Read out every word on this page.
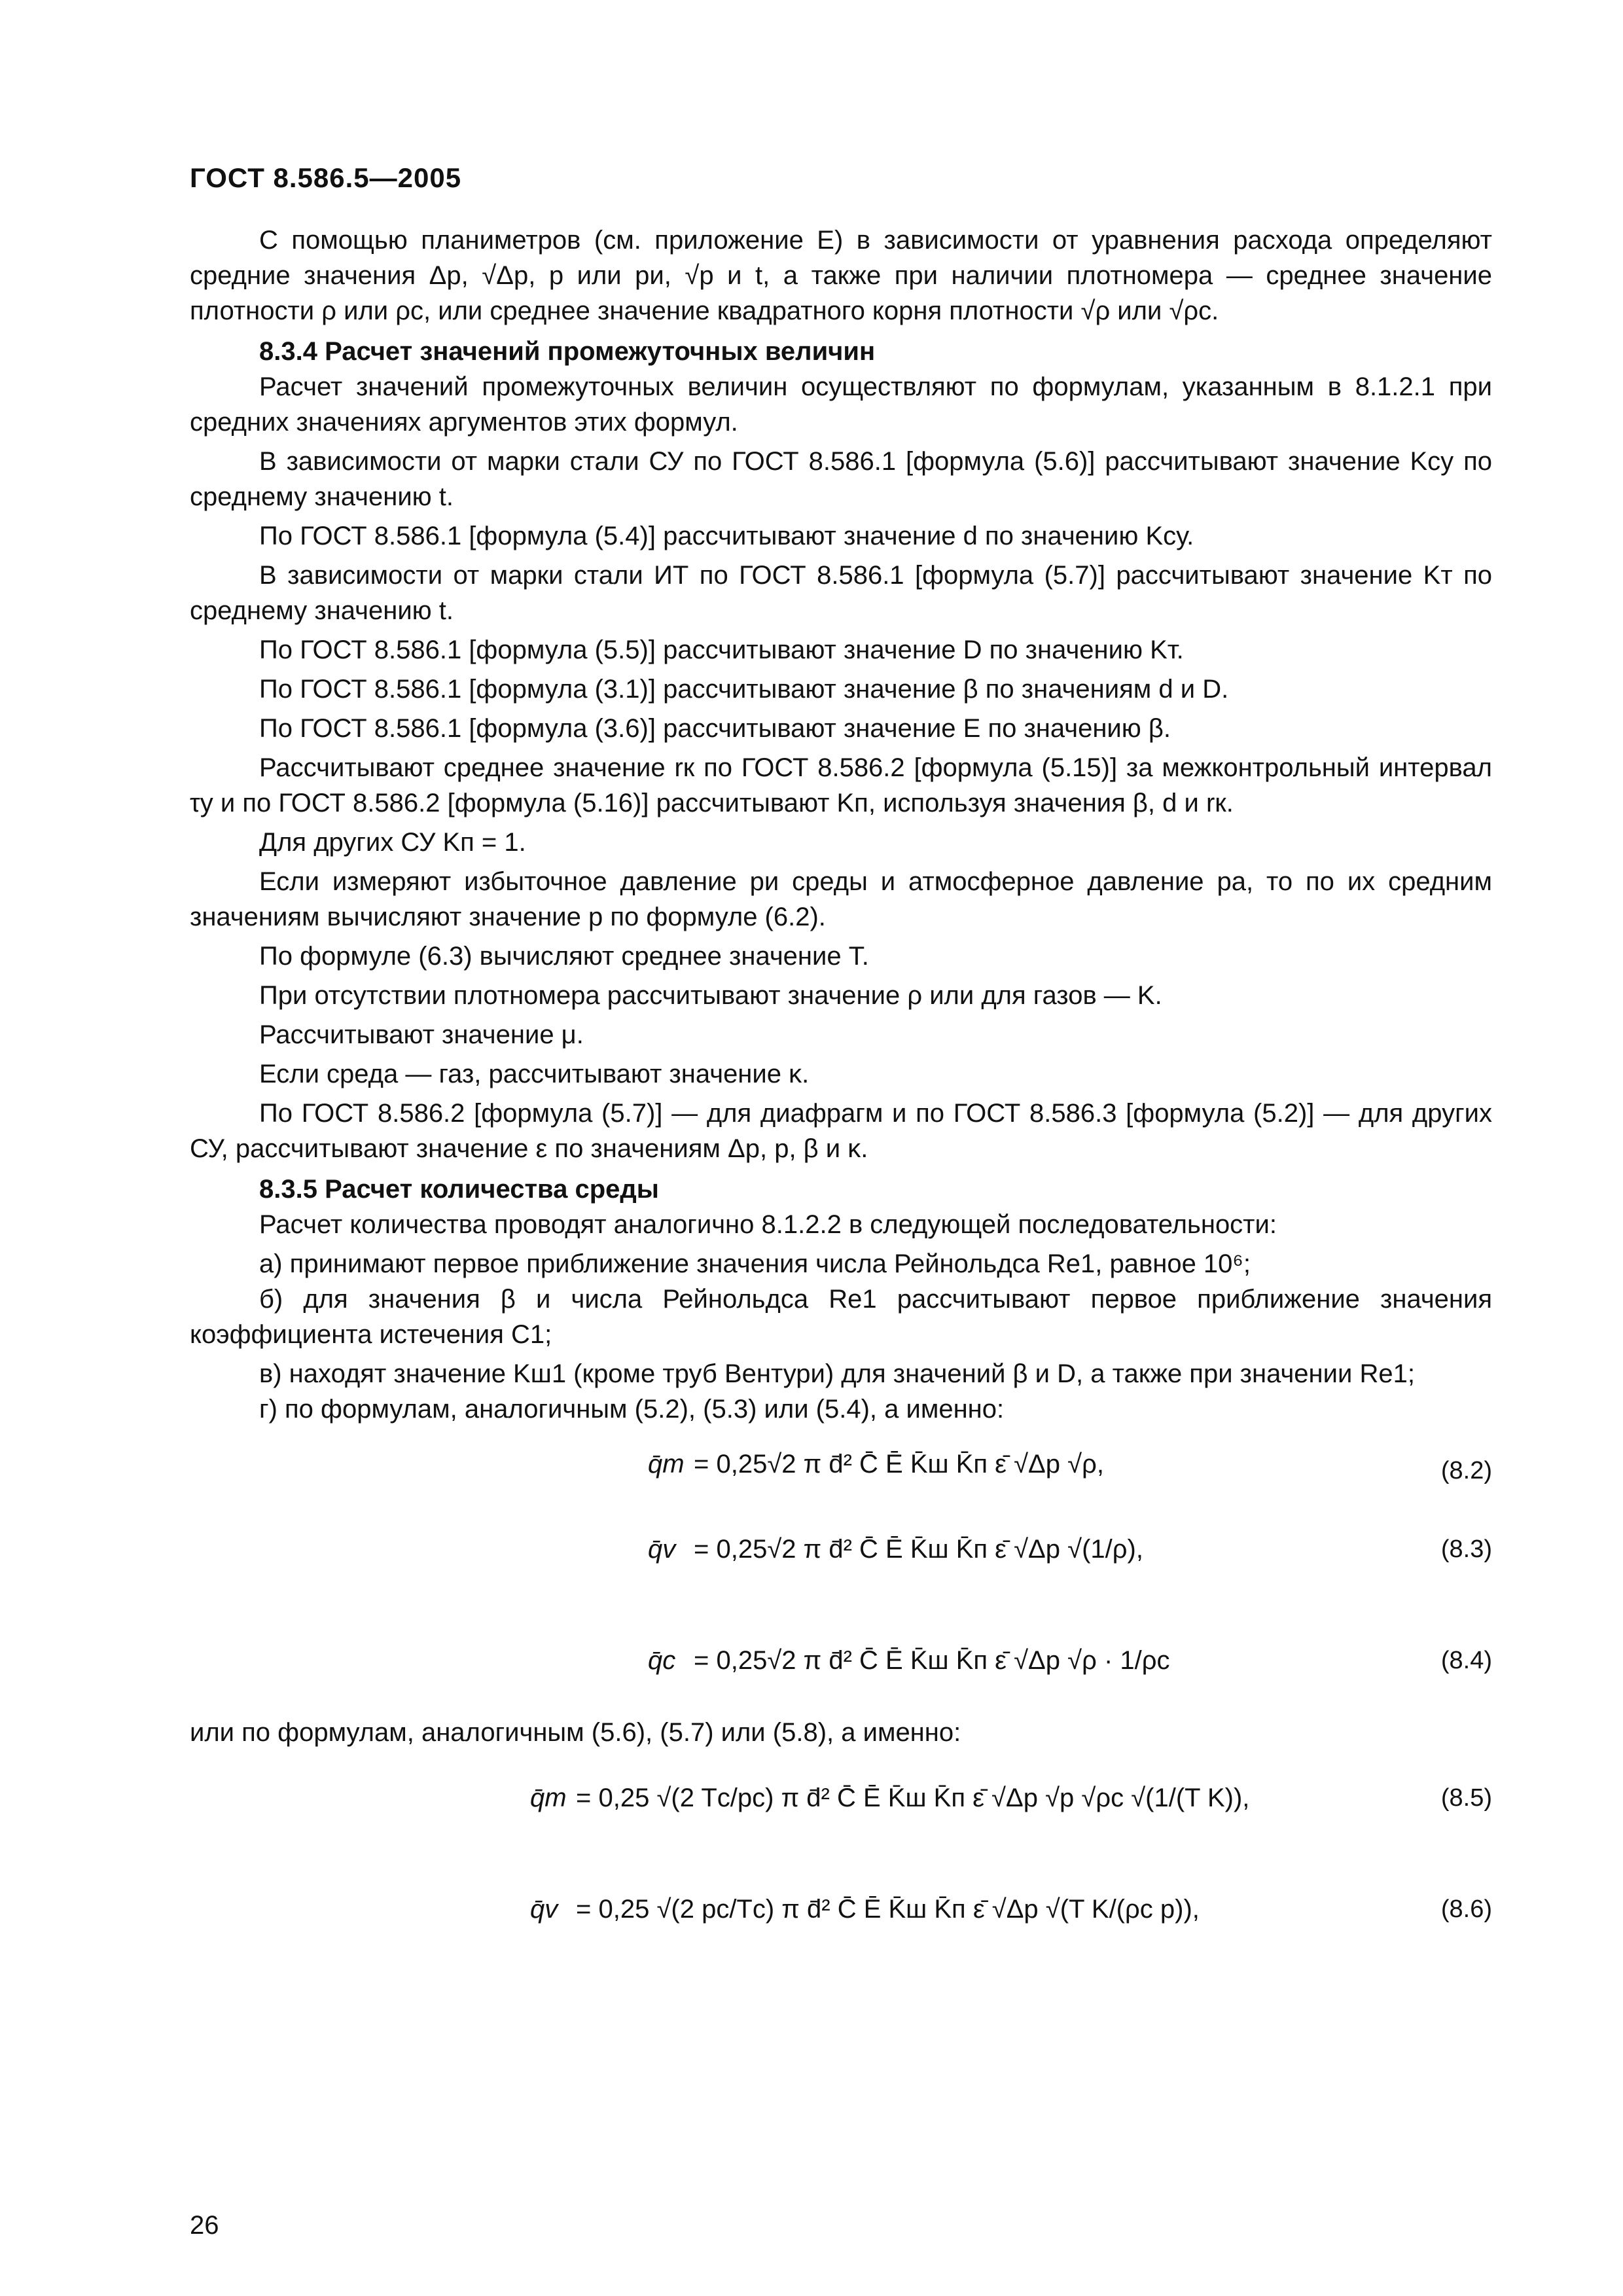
ГОСТ 8.586.5—2005

С помощью планиметров (см. приложение Е) в зависимости от уравнения расхода определяют средние значения Δp, √Δp, p или pи, √p и t, а также при наличии плотномера — среднее значение плотности ρ или ρс, или среднее значение квадратного корня плотности √ρ или √ρс.

8.3.4 Расчет значений промежуточных величин

Расчет значений промежуточных величин осуществляют по формулам, указанным в 8.1.2.1 при средних значениях аргументов этих формул.

В зависимости от марки стали СУ по ГОСТ 8.586.1 [формула (5.6)] рассчитывают значение Kсу по среднему значению t.

По ГОСТ 8.586.1 [формула (5.4)] рассчитывают значение d по значению Kсу.

В зависимости от марки стали ИТ по ГОСТ 8.586.1 [формула (5.7)] рассчитывают значение Kт по среднему значению t.

По ГОСТ 8.586.1 [формула (5.5)] рассчитывают значение D по значению Kт.

По ГОСТ 8.586.1 [формула (3.1)] рассчитывают значение β по значениям d и D.

По ГОСТ 8.586.1 [формула (3.6)] рассчитывают значение E по значению β.

Рассчитывают среднее значение rк по ГОСТ 8.586.2 [формула (5.15)] за межконтрольный интервал τу и по ГОСТ 8.586.2 [формула (5.16)] рассчитывают Kп, используя значения β, d и rк.

Для других СУ Kп = 1.

Если измеряют избыточное давление pи среды и атмосферное давление pа, то по их средним значениям вычисляют значение p по формуле (6.2).

По формуле (6.3) вычисляют среднее значение T.

При отсутствии плотномера рассчитывают значение ρ или для газов — K.

Рассчитывают значение μ.

Если среда — газ, рассчитывают значение κ.

По ГОСТ 8.586.2 [формула (5.7)] — для диафрагм и по ГОСТ 8.586.3 [формула (5.2)] — для других СУ, рассчитывают значение ε по значениям Δp, p, β и κ.

8.3.5 Расчет количества среды

Расчет количества проводят аналогично 8.1.2.2 в следующей последовательности:

а) принимают первое приближение значения числа Рейнольдса Re1, равное 10⁶;

б) для значения β и числа Рейнольдса Re1 рассчитывают первое приближение значения коэффициента истечения C1;

в) находят значение Kш1 (кроме труб Вентури) для значений β и D, а также при значении Re1;

г) по формулам, аналогичным (5.2), (5.3) или (5.4), а именно:

q̄m = 0,25√2 π d̄² C̄ Ē K̄ш K̄п ε̄ √Δp √ρ,	(8.2)
q̄v = 0,25√2 π d̄² C̄ Ē K̄ш K̄п ε̄ √Δp √(1/ρ),	(8.3)
q̄с = 0,25√2 π d̄² C̄ Ē K̄ш K̄п ε̄ √Δp √ρ · 1/ρс	(8.4)

или по формулам, аналогичным (5.6), (5.7) или (5.8), а именно:

q̄m = 0,25 √(2 Tс/pс) π d̄² C̄ Ē K̄ш K̄п ε̄ √Δp √p √ρс √(1/(T K)),	(8.5)
q̄v = 0,25 √(2 pс/Tс) π d̄² C̄ Ē K̄ш K̄п ε̄ √Δp √(T K/(ρс p)),	(8.6)
26
